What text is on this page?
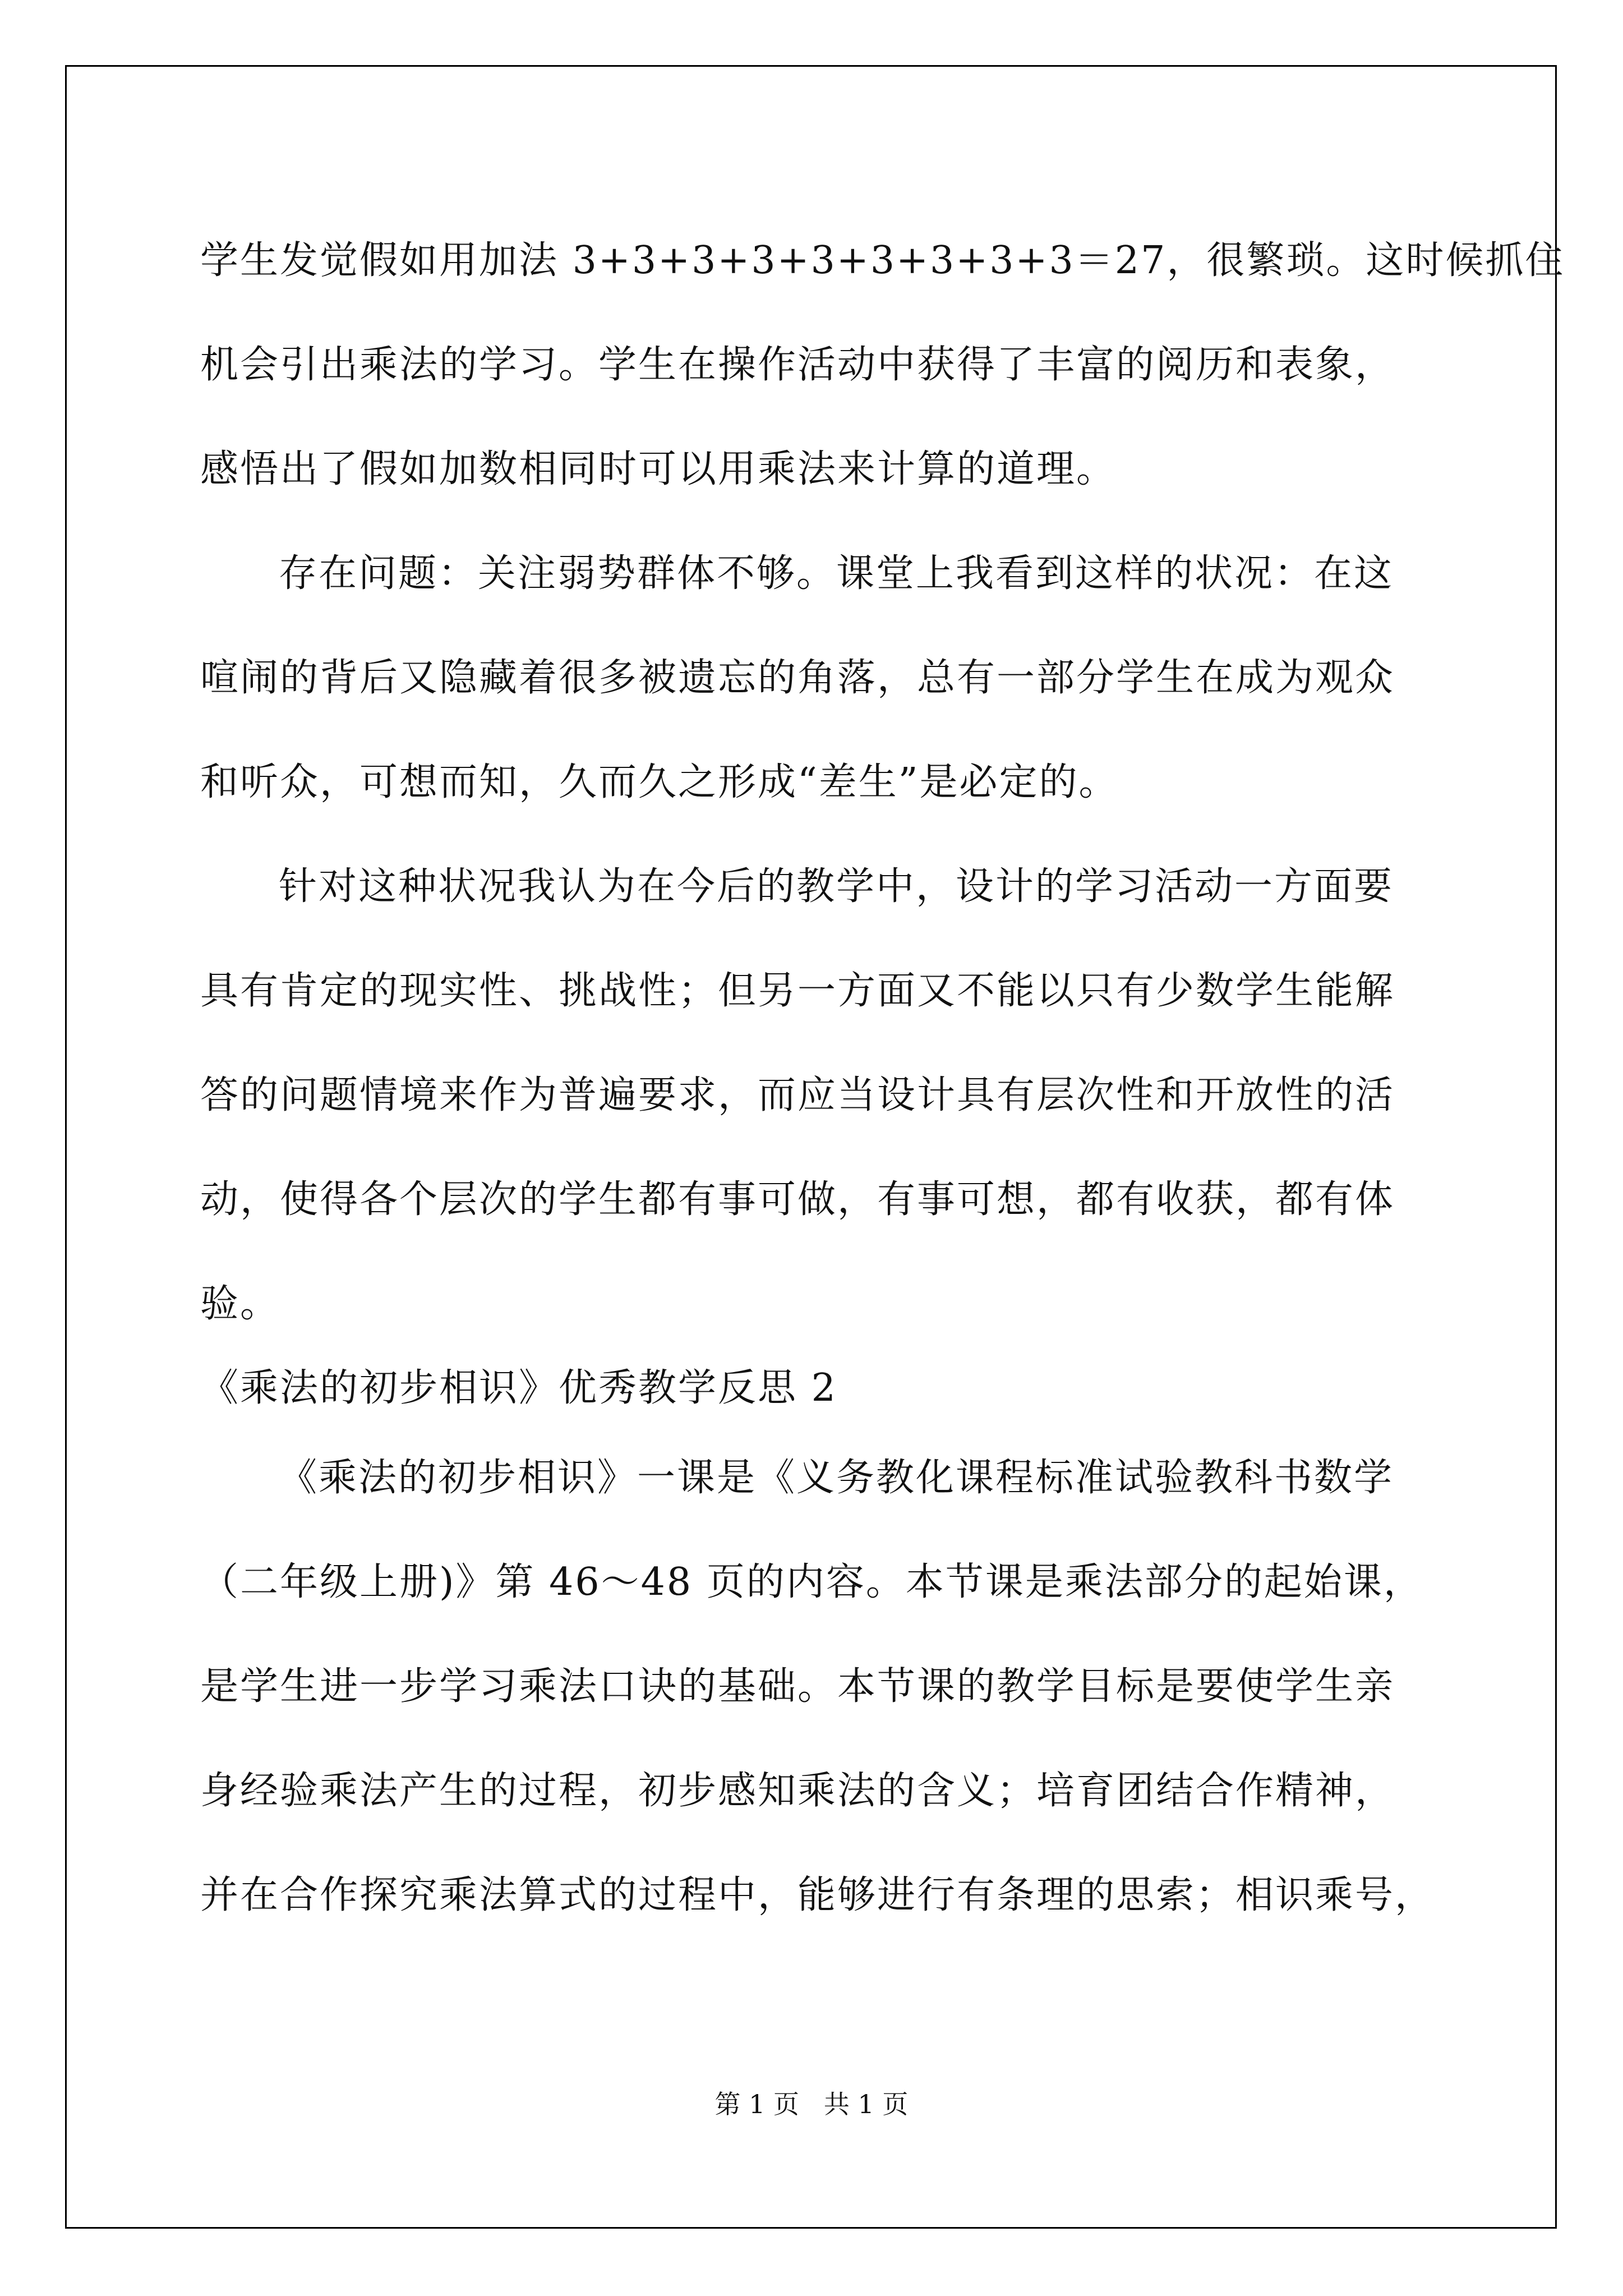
学生发觉假如用加法 3+3+3+3+3+3+3+3+3＝27，很繁琐。这时候抓住
机会引出乘法的学习。学生在操作活动中获得了丰富的阅历和表象，
感悟出了假如加数相同时可以用乘法来计算的道理。
存在问题：关注弱势群体不够。课堂上我看到这样的状况：在这
喧闹的背后又隐藏着很多被遗忘的角落，总有一部分学生在成为观众
和听众，可想而知，久而久之形成“差生”是必定的。
针对这种状况我认为在今后的教学中，设计的学习活动一方面要
具有肯定的现实性、挑战性；但另一方面又不能以只有少数学生能解
答的问题情境来作为普遍要求，而应当设计具有层次性和开放性的活
动，使得各个层次的学生都有事可做，有事可想，都有收获，都有体
验。
《乘法的初步相识》优秀教学反思 2
《乘法的初步相识》一课是《义务教化课程标准试验教科书数学
（二年级上册)》第 46～48 页的内容。本节课是乘法部分的起始课，
是学生进一步学习乘法口诀的基础。本节课的教学目标是要使学生亲
身经验乘法产生的过程，初步感知乘法的含义；培育团结合作精神，
并在合作探究乘法算式的过程中，能够进行有条理的思索；相识乘号，
第 1 页   共 1 页
